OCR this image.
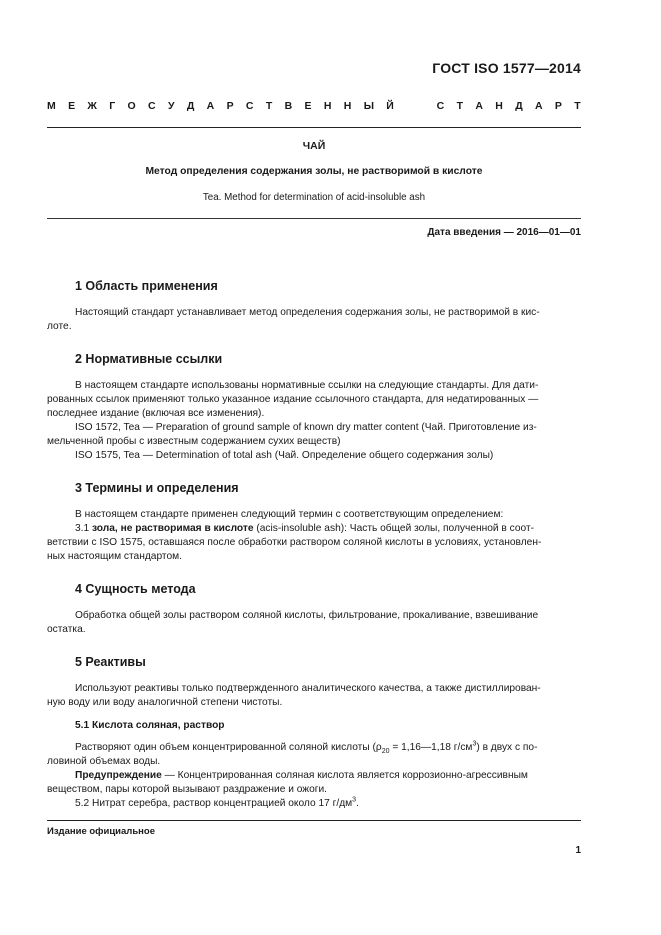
ГОСТ ISO 1577—2014
М Е Ж Г О С У Д А Р С Т В Е Н Н Ы Й

	С Т А Н Д А Р Т
ЧАЙ
Метод определения содержания золы, не растворимой в кислоте
Tea. Method for determination of acid-insoluble ash
Дата введения — 2016—01—01
1 Область применения

Настоящий стандарт устанавливает метод определения содержания золы, не растворимой в кис-
лоте.

2 Нормативные ссылки

В настоящем стандарте использованы нормативные ссылки на следующие стандарты. Для дати-
рованных ссылок применяют только указанное издание ссылочного стандарта, для недатированных —
последнее издание (включая все изменения).
ISO 1572, Tea — Preparation of ground sample of known dry matter content (Чай. Приготовление из-
мельченной пробы с известным содержанием сухих веществ)
ISO 1575, Tea — Determination of total ash (Чай. Определение общего содержания золы)

3 Термины и определения

В настоящем стандарте применен следующий термин с соответствующим определением:
3.1 зола, не растворимая в кислоте (acis-insoluble ash): Часть общей золы, полученной в соот-
ветствии с ISO 1575, оставшаяся после обработки раствором соляной кислоты в условиях, установлен-
ных настоящим стандартом.

4 Сущность метода

Обработка общей золы раствором соляной кислоты, фильтрование, прокаливание, взвешивание
остатка.

5 Реактивы

Используют реактивы только подтвержденного аналитического качества, а также дистиллирован-
ную воду или воду аналогичной степени чистоты.

5.1 Кислота соляная, раствор

Растворяют один объем концентрированной соляной кислоты ($\rho_{20}$ = 1,16—1,18 $г/см^3$) в двух с по-
ловиной объемах воды.
Предупреждение — Концентрированная соляная кислота является коррозионно-агрессивным
веществом, пары которой вызывают раздражение и ожоги.
5.2 Нитрат серебра, раствор концентрацией около 17 $г/дм^3$.

Издание официальное
1
